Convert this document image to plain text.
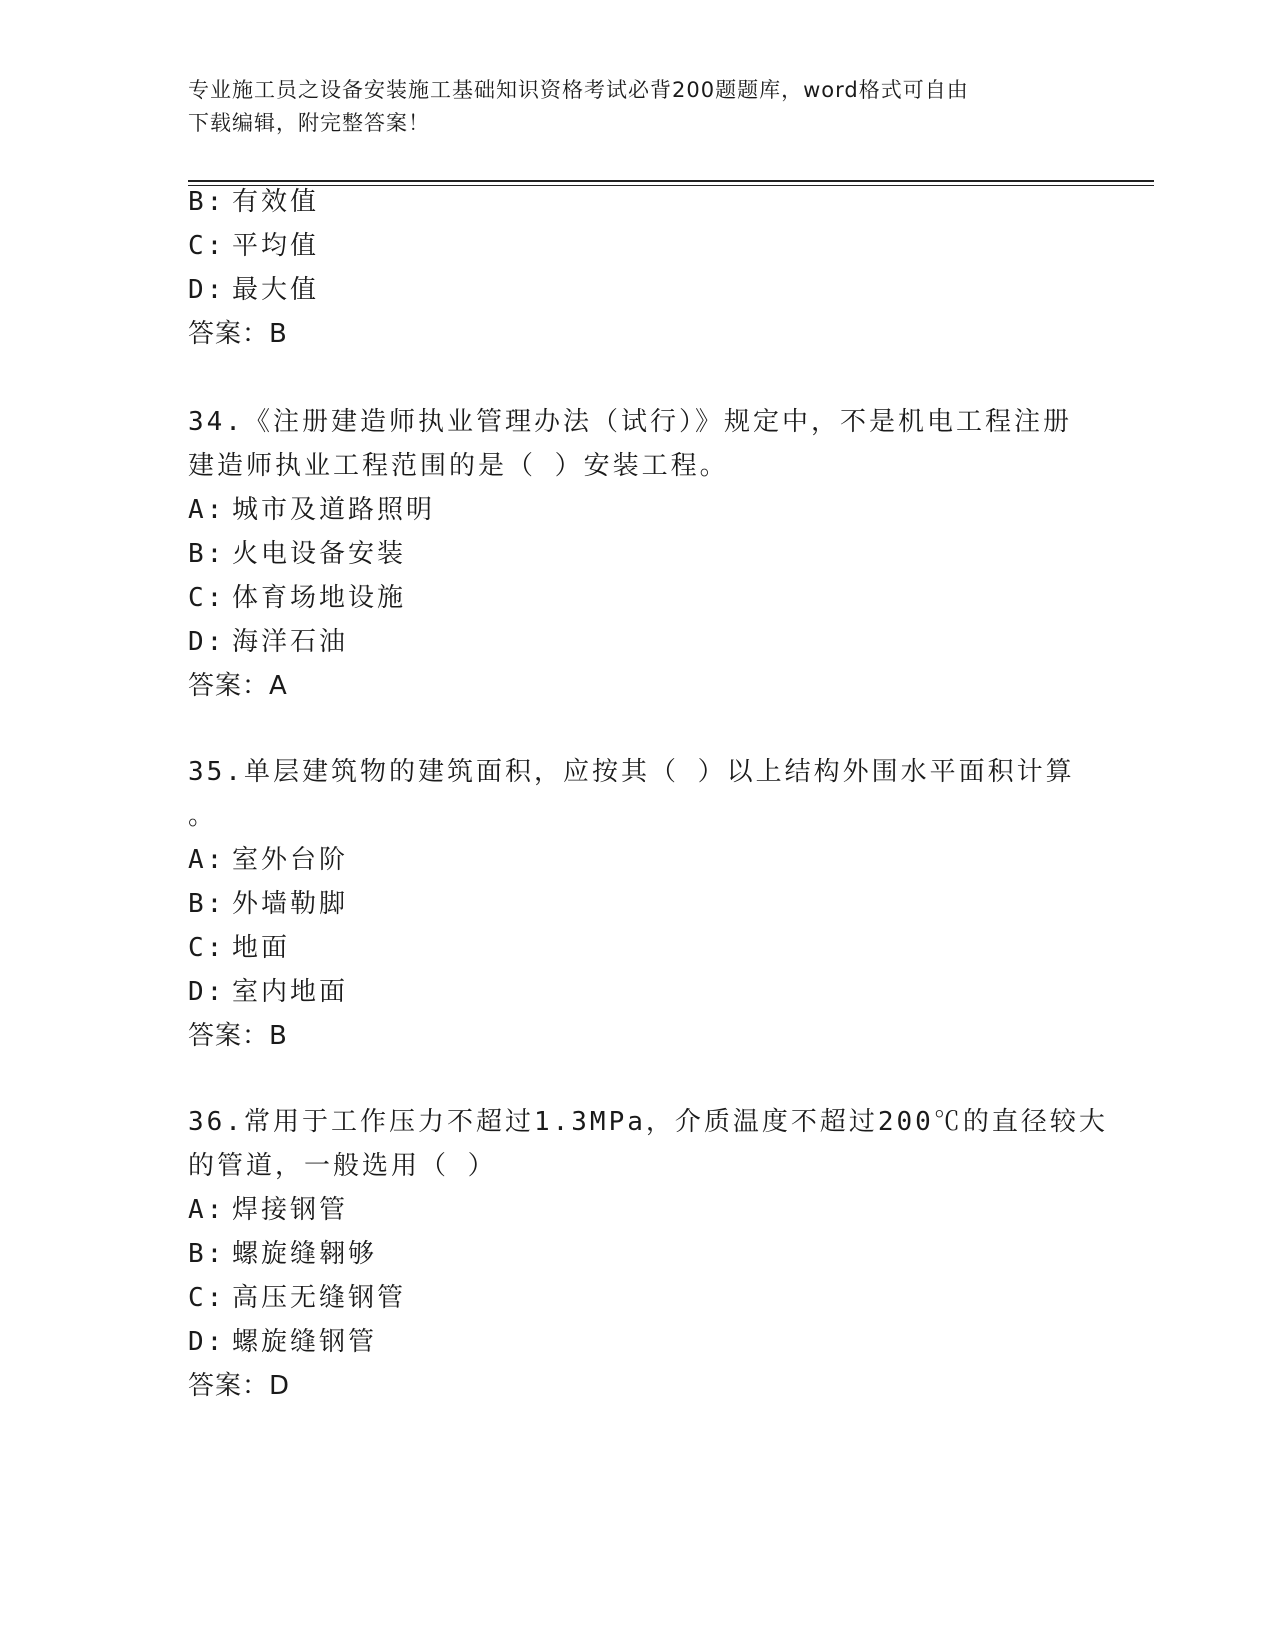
专业施工员之设备安装施工基础知识资格考试必背200题题库，word格式可自由
下载编辑，附完整答案！
B: 有效值
C: 平均值
D: 最大值
答案：B
34.《注册建造师执业管理办法（试行）》规定中，不是机电工程注册
建造师执业工程范围的是（ ）安装工程。
A: 城市及道路照明
B: 火电设备安装
C: 体育场地设施
D: 海洋石油
答案：A
35.单层建筑物的建筑面积，应按其（ ）以上结构外围水平面积计算
。
A: 室外台阶
B: 外墙勒脚
C: 地面
D: 室内地面
答案：B
36.常用于工作压力不超过1.3MPa，介质温度不超过200℃的直径较大
的管道，一般选用（ ）
A: 焊接钢管
B: 螺旋缝翱够
C: 高压无缝钢管
D: 螺旋缝钢管
答案：D
